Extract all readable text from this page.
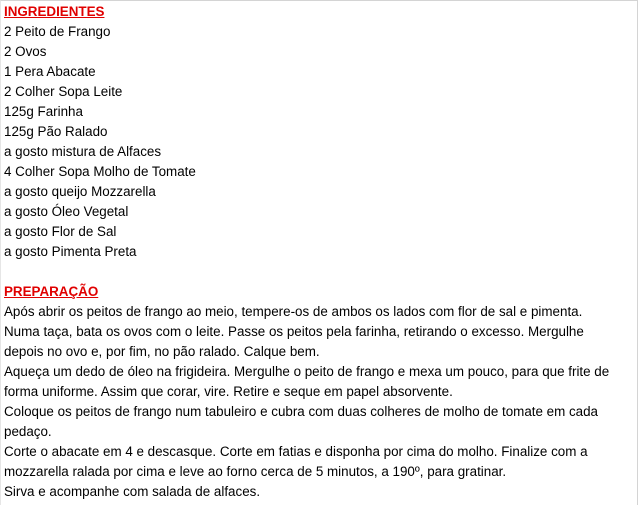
INGREDIENTES
2 Peito de Frango
2 Ovos
1 Pera Abacate
2 Colher Sopa Leite
125g Farinha
125g Pão Ralado
a gosto mistura de Alfaces
4 Colher Sopa Molho de Tomate
a gosto queijo Mozzarella
a gosto Óleo Vegetal
a gosto Flor de Sal
a gosto Pimenta Preta
PREPARAÇÃO
Após abrir os peitos de frango ao meio, tempere-os de ambos os lados com flor de sal e pimenta.
Numa taça, bata os ovos com o leite. Passe os peitos pela farinha, retirando o excesso. Mergulhe
depois no ovo e, por fim, no pão ralado. Calque bem.
Aqueça um dedo de óleo na frigideira. Mergulhe o peito de frango e mexa um pouco, para que frite de
forma uniforme. Assim que corar, vire. Retire e seque em papel absorvente.
Coloque os peitos de frango num tabuleiro e cubra com duas colheres de molho de tomate em cada
pedaço.
Corte o abacate em 4 e descasque. Corte em fatias e disponha por cima do molho. Finalize com a
mozzarella ralada por cima e leve ao forno cerca de 5 minutos, a 190º, para gratinar.
Sirva e acompanhe com salada de alfaces.
